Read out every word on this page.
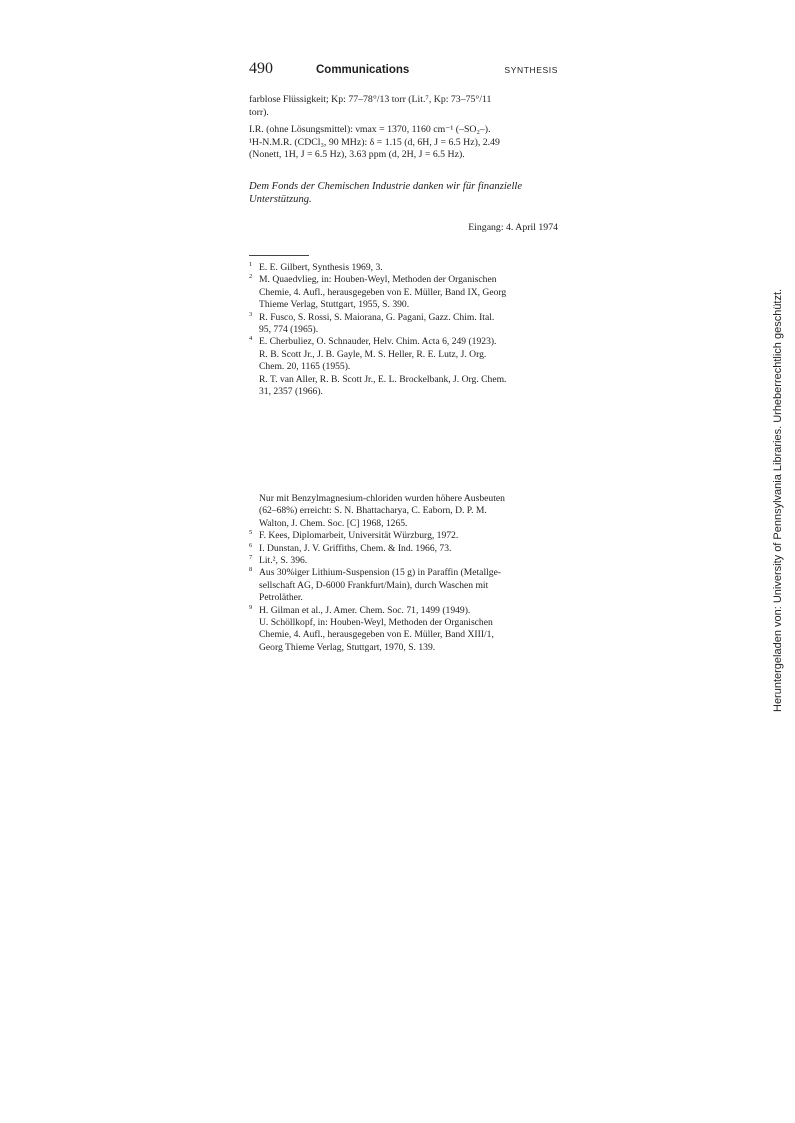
490	Communications	SYNTHESIS

farblose Flüssigkeit; Kp: 77–78°/13 torr (Lit.⁷, Kp: 73–75°/11

torr).

I.R. (ohne Lösungsmittel): νmax = 1370, 1160 cm⁻¹ (–SO₂–).

¹H-N.M.R. (CDCl₃, 90 MHz): δ = 1.15 (d, 6H, J = 6.5 Hz), 2.49

(Nonett, 1H, J = 6.5 Hz), 3.63 ppm (d, 2H, J = 6.5 Hz).

Dem Fonds der Chemischen Industrie danken wir für finanzielle

Unterstützung.

Eingang: 4. April 1974
1 E. E. Gilbert, Synthesis 1969, 3.
2 M. Quaedvlieg, in: Houben-Weyl, Methoden der Organischen
Chemie, 4. Aufl., herausgegeben von E. Müller, Band IX, Georg
Thieme Verlag, Stuttgart, 1955, S. 390.
3 R. Fusco, S. Rossi, S. Maiorana, G. Pagani, Gazz. Chim. Ital.
95, 774 (1965).
4 E. Cherbuliez, O. Schnauder, Helv. Chim. Acta 6, 249 (1923).
R. B. Scott Jr., J. B. Gayle, M. S. Heller, R. E. Lutz, J. Org.
Chem. 20, 1165 (1955).
R. T. van Aller, R. B. Scott Jr., E. L. Brockelbank, J. Org. Chem.
31, 2357 (1966).
Nur mit Benzylmagnesium-chloriden wurden höhere Ausbeuten
(62–68%) erreicht: S. N. Bhattacharya, C. Eaborn, D. P. M.
Walton, J. Chem. Soc. [C] 1968, 1265.
5 F. Kees, Diplomarbeit, Universität Würzburg, 1972.
6 I. Dunstan, J. V. Griffiths, Chem. & Ind. 1966, 73.
7 Lit.², S. 396.
8 Aus 30%iger Lithium-Suspension (15 g) in Paraffin (Metallge-
sellschaft AG, D-6000 Frankfurt/Main), durch Waschen mit
Petroläther.
9 H. Gilman et al., J. Amer. Chem. Soc. 71, 1499 (1949).
U. Schöllkopf, in: Houben-Weyl, Methoden der Organischen
Chemie, 4. Aufl., herausgegeben von E. Müller, Band XIII/1,
Georg Thieme Verlag, Stuttgart, 1970, S. 139.	Heruntergeladen von: University of Pennsylvania Libraries. Urheberrechtlich geschützt.
